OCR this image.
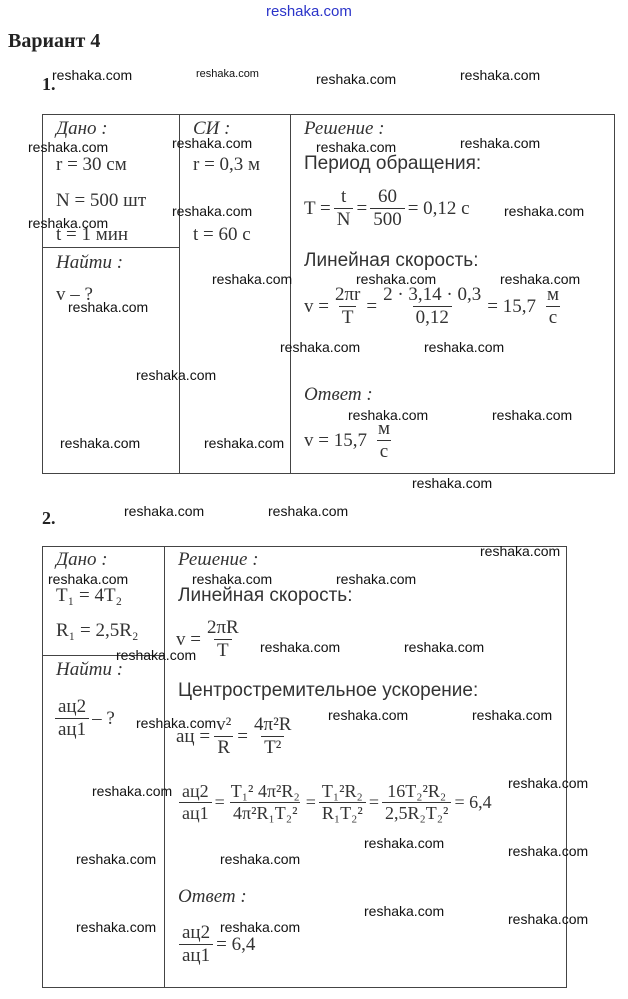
reshaka.com
Вариант 4
1.
Дано :
r = 30 см
N = 500 шт
t = 1 мин
Найти :
v – ?
СИ :
r = 0,3 м
t = 60 с
Решение :
Период обращения:
$T = \frac{t}{N} = \frac{60}{500} = 0,12$ с
Линейная скорость:
$v = \frac{2\pi r}{T} = \frac{2 \cdot 3,14 \cdot 0,3}{0,12} = 15,7 \frac{м}{с}$
Ответ :
$v = 15,7 \frac{м}{с}$
2.
Дано :
T₁ = 4T₂
R₁ = 2,5R₂
Найти :
$\frac{aц2}{aц1}$ – ?
Решение :
Линейная скорость:
$v = \frac{2\pi R}{T}$
Центростремительное ускорение:
aц = $\frac{\text{v²}}{R} = \frac{\text{4π²R}}{\text{T²}}$
$\frac{aц2}{aц1} = \frac{\text{T₁² 4π²R₂}}{\text{4π²R₁T₂²}} = \frac{\text{T₁²R₂}}{\text{R₁T₂²}} = \frac{\text{16T₂²R₂}}{\text{2,5R₂T₂²}} = 6,4$
Ответ :
$\frac{aц2}{aц1} = 6,4$
reshaka.com	reshaka.com	reshaka.com	reshaka.com
reshaka.com	reshaka.com	reshaka.com	reshaka.com
reshaka.com
reshaka.com	reshaka.com
reshaka.com	reshaka.com	reshaka.com
reshaka.com
reshaka.com	reshaka.com
reshaka.com
reshaka.com	reshaka.com
reshaka.com	reshaka.com
reshaka.com
reshaka.com	reshaka.com
reshaka.com
reshaka.com	reshaka.com	reshaka.com
reshaka.com	reshaka.com
reshaka.com
reshaka.com	reshaka.com	reshaka.com
reshaka.com
reshaka.com
reshaka.com	reshaka.com
reshaka.com	reshaka.com
reshaka.com	reshaka.com
reshaka.com	reshaka.com
